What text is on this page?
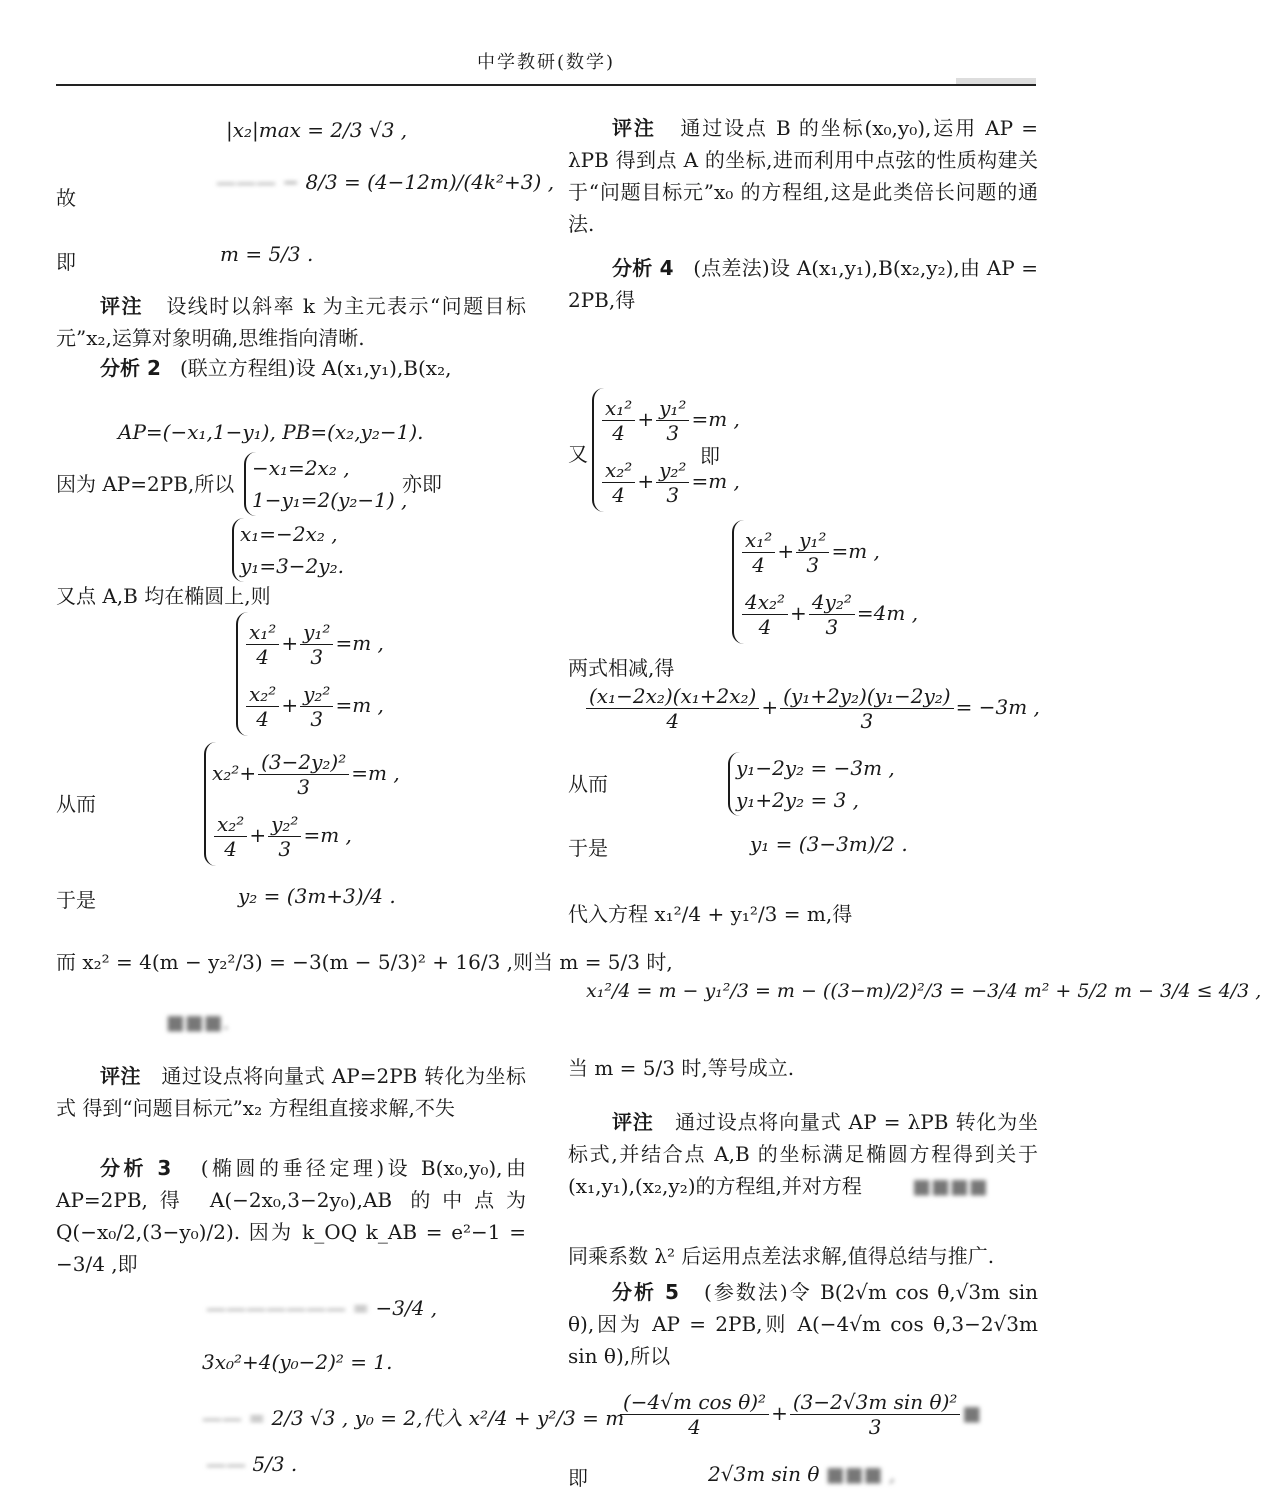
中学教研(数学)
|x₂|max = 2/3 √3 ,
故
——— − 8/3 = (4−12m)/(4k²+3) ,
即	m = 5/3 .
评注 设线时以斜率 k 为主元表示“问题目标元”x₂,运算对象明确,思维指向清晰.
分析 2 (联立方程组)设 A(x₁,y₁),B(x₂,
AP=(−x₁,1−y₁), PB=(x₂,y₂−1).
因为 AP=2PB,所以
−x₁=2x₂ ,
1−y₁=2(y₂−1) ,
亦即
x₁=−2x₂ ,
y₁=3−2y₂.
又点 A,B 均在椭圆上,则
$\frac{\text{x₁²}}{4} + \frac{\text{y₁²}}{3} =m$ ,
$\frac{\text{x₂²}}{4} + \frac{\text{y₂²}}{3} =m$ ,
从而
$x_2^2+ \frac{\text{(3−2y₂)²}}{3} =m$ ,
$\frac{\text{x₂²}}{4} + \frac{\text{y₂²}}{3} =m$ ,
于是	y₂ = (3m+3)/4 .
而 x₂² = 4(m − y₂²/3) = −3(m − 5/3)² + 16/3 ,则当 m = 5/3 时,
■■■.
评注 通过设点将向量式 AP=2PB 转化为坐标式 得到“问题目标元”x₂ 方程组直接求解,不失
分析 3 (椭圆的垂径定理)设 B(x₀,y₀),由 AP=2PB,得 A(−2x₀,3−2y₀),AB 的中点为 Q(−x₀/2,(3−y₀)/2). 因为 k_OQ k_AB = e²−1 = −3/4 ,即
——————— = −3/4 ,
3x₀²+4(y₀−2)² = 1.
—— = 2/3 √3 , y₀ = 2,代入 x²/4 + y²/3 = m
—— 5/3 .
评注 通过设点 B 的坐标(x₀,y₀),运用 AP = λPB 得到点 A 的坐标,进而利用中点弦的性质构建关于“问题目标元”x₀ 的方程组,这是此类倍长问题的通法.
分析 4 (点差法)设 A(x₁,y₁),B(x₂,y₂),由 AP = 2PB,得
又
$\frac{\text{x₁²}}{4} + \frac{\text{y₁²}}{3} =m$ ,
$\frac{\text{x₂²}}{4} + \frac{\text{y₂²}}{3} =m$ ,
即
$\frac{\text{x₁²}}{4} + \frac{\text{y₁²}}{3} =m$ ,
$\frac{\text{4x₂²}}{4} + \frac{\text{4y₂²}}{3} =4m$ ,
两式相减,得
$\frac{\text{(x₁−2x₂)(x₁+2x₂)}}{4} + \frac{\text{(y₁+2y₂)(y₁−2y₂)}}{3} = -3m$ ,
从而
y₁−2y₂ = −3m ,
y₁+2y₂ = 3 ,
于是	y₁ = (3−3m)/2 .
代入方程 x₁²/4 + y₁²/3 = m,得
x₁²/4 = m − y₁²/3 = m − ((3−m)/2)²/3 = −3/4 m² + 5/2 m − 3/4 ≤ 4/3 ,
当 m = 5/3 时,等号成立.
评注 通过设点将向量式 AP = λPB 转化为坐标式,并结合点 A,B 的坐标满足椭圆方程得到关于(x₁,y₁),(x₂,y₂)的方程组,并对方程	■■■■
同乘系数 λ² 后运用点差法求解,值得总结与推广.
分析 5 (参数法)令 B(2√m cos θ,√3m sin θ),因为 AP = 2PB,则 A(−4√m cos θ,3−2√3m sin θ),所以
$\frac{\text{(−4√m cos θ)²}}{4} + \frac{\text{(3−2√3m sin θ)²}}{3}$ ■
即	2√3m sin θ ■■■ ,
